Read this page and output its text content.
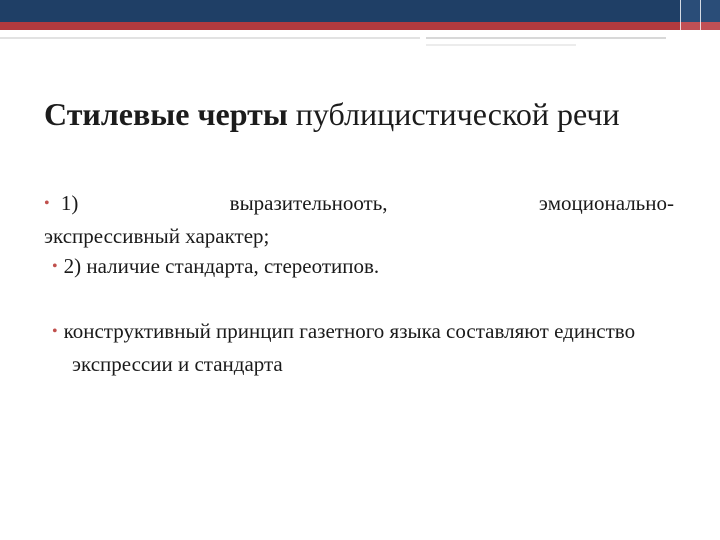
Стилевые черты публицистической речи
• 1)	выразительнооть,	эмоционально-
экспрессивный характер;
• 2) наличие стандарта, стереотипов.
• конструктивный принцип газетного языка составляют единство экспрессии и стандарта
